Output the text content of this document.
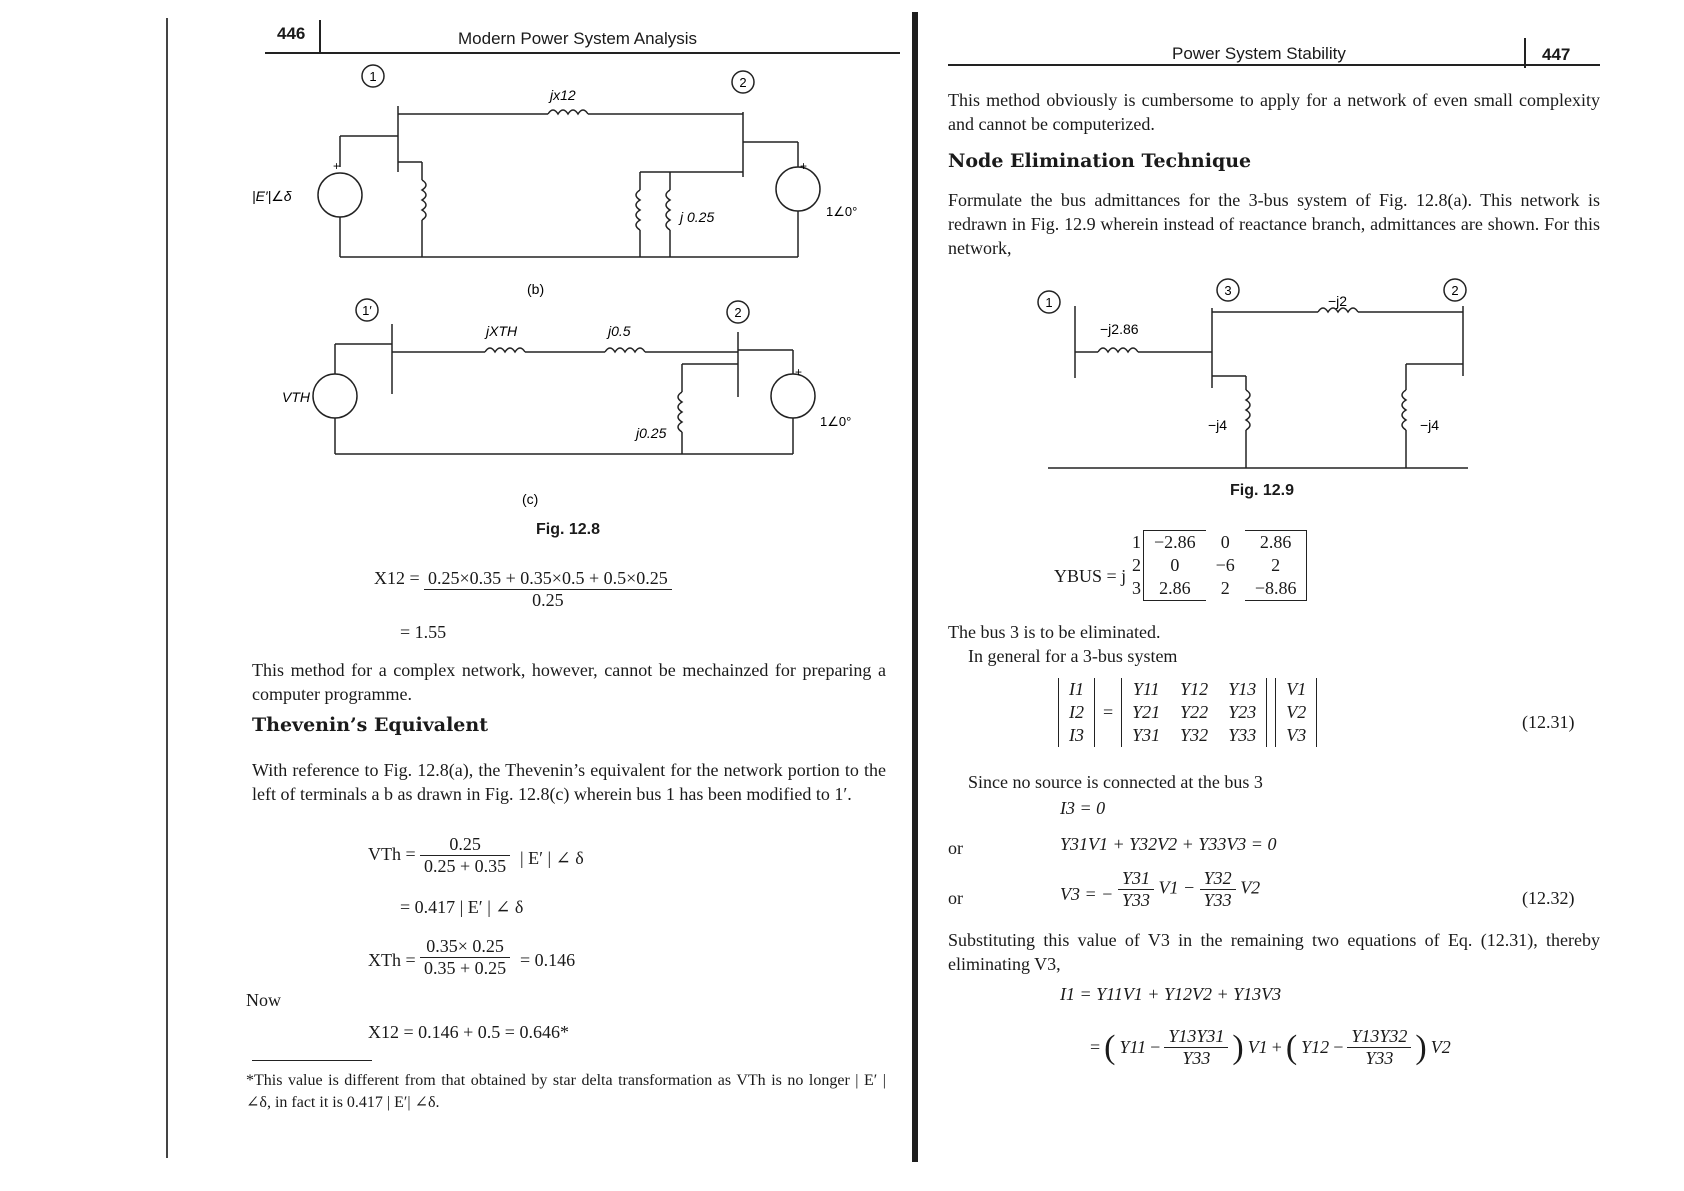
446	Modern Power System Analysis
1	2
jx12
|E′|∠δ
+	+
j 0.25	1∠0°
(b)
1′	2
jXTH	j0.5
VTH
+
j0.25
1∠0°
(c)
Fig. 12.8
$X12 = \frac{0.25\times 0.35 + 0.35\times 0.5 + 0.5\times 0.25}{0.25}$
= 1.55
This method for a complex network, however, cannot be mechainzed for preparing a computer programme.
Thevenin’s Equivalent
With reference to Fig. 12.8(a), the Thevenin’s equivalent for the network portion to the left of terminals a b as drawn in Fig. 12.8(c) wherein bus 1 has been modified to 1′.
VTh = $\frac{0.25}{0.25 + 0.35}$ | E′ | ∠ δ
= 0.417 | E′ | ∠ δ
XTh = $\frac{0.35\times 0.25}{0.35 + 0.25} = 0.146$
Now
X12 = 0.146 + 0.5 = 0.646*
*This value is different from that obtained by star delta transformation as VTh is no longer | E′ | ∠δ, in fact it is 0.417 | E′| ∠δ.
Power System Stability	447
This method obviously is cumbersome to apply for a network of even small complexity and cannot be computerized.
Node Elimination Technique
Formulate the bus admittances for the 3-bus system of Fig. 12.8(a). This network is redrawn in Fig. 12.9 wherein instead of reactance branch, admittances are shown. For this network,
1
3	2
−j2.86
−j2
−j4	−j4
Fig. 12.9
YBUS = j
1	−2.86	0	2.86
2	0	−6	2
3	2.86	2	−8.86
The bus 3 is to be eliminated.
In general for a 3-bus system
I1
I2
I3
=
Y11	Y12	Y13
Y21	Y22	Y23
Y31	Y32	Y33
V1
V2
V3
(12.31)
Since no source is connected at the bus 3
I3 = 0
or	Y31V1 + Y32V2 + Y33V3 = 0
or	V3 = − $\frac{Y31}{Y33} V1 - \frac{Y32}{Y33} V2$
(12.32)
Substituting this value of V3 in the remaining two equations of Eq. (12.31), thereby eliminating V3,
I1 = Y11V1 + Y12V2 + Y13V3
= ( $Y11 - \frac{Y13Y31}{Y33}$ ) V1 + ( $Y12 - \frac{Y13Y32}{Y33}$ ) V2
